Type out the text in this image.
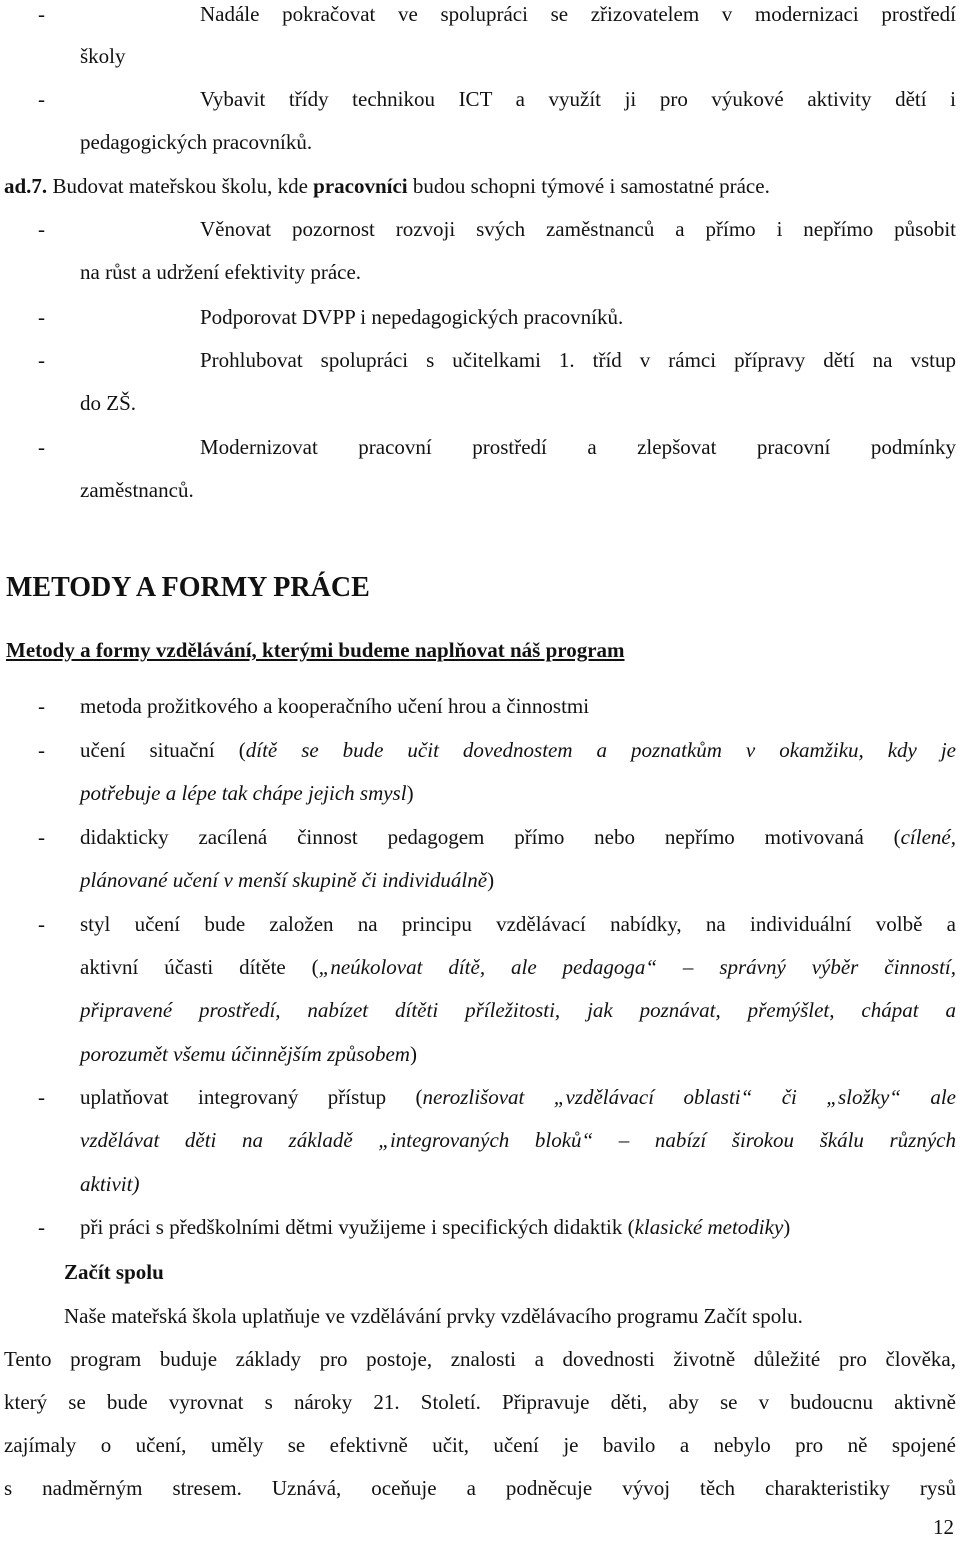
-	Nadále pokračovat ve spolupráci se zřizovatelem v modernizaci prostředí
školy
-	Vybavit třídy technikou ICT a využít ji pro výukové aktivity dětí i
pedagogických pracovníků.
ad.7. Budovat mateřskou školu, kde pracovníci budou schopni týmové i samostatné práce.
-	Věnovat pozornost rozvoji svých zaměstnanců a přímo i nepřímo působit
na růst a udržení efektivity práce.
-	Podporovat DVPP i nepedagogických pracovníků.
-	Prohlubovat spolupráci s učitelkami 1. tříd v rámci přípravy dětí na vstup
do ZŠ.
-	Modernizovat pracovní prostředí a zlepšovat pracovní podmínky
zaměstnanců.
METODY A FORMY PRÁCE
Metody a formy vzdělávání, kterými budeme naplňovat náš program
- metoda prožitkového a kooperačního učení hrou a činnostmi
- učení situační (dítě se bude učit dovednostem a poznatkům v okamžiku, kdy je
potřebuje a lépe tak chápe jejich smysl)
- didakticky zacílená činnost pedagogem přímo nebo nepřímo motivovaná (cílené,
plánované učení v menší skupině či individuálně)
- styl učení bude založen na principu vzdělávací nabídky, na individuální volbě a
aktivní účasti dítěte („neúkolovat dítě, ale pedagoga“ – správný výběr činností,
připravené prostředí, nabízet dítěti příležitosti, jak poznávat, přemýšlet, chápat a
porozumět všemu účinnějším způsobem)
- uplatňovat integrovaný přístup (nerozlišovat „vzdělávací oblasti“ či „složky“ ale
vzdělávat děti na základě „integrovaných bloků“ – nabízí širokou škálu různých
aktivit)
- při práci s předškolními dětmi využijeme i specifických didaktik (klasické metodiky)
Začít spolu
Naše mateřská škola uplatňuje ve vzdělávání prvky vzdělávacího programu Začít spolu.
Tento program buduje základy pro postoje, znalosti a dovednosti životně důležité pro člověka,
který se bude vyrovnat s nároky 21. Století. Připravuje děti, aby se v budoucnu aktivně
zajímaly o učení, uměly se efektivně učit, učení je bavilo a nebylo pro ně spojené
s nadměrným stresem. Uznává, oceňuje a podněcuje vývoj těch charakteristiky rysů
12
